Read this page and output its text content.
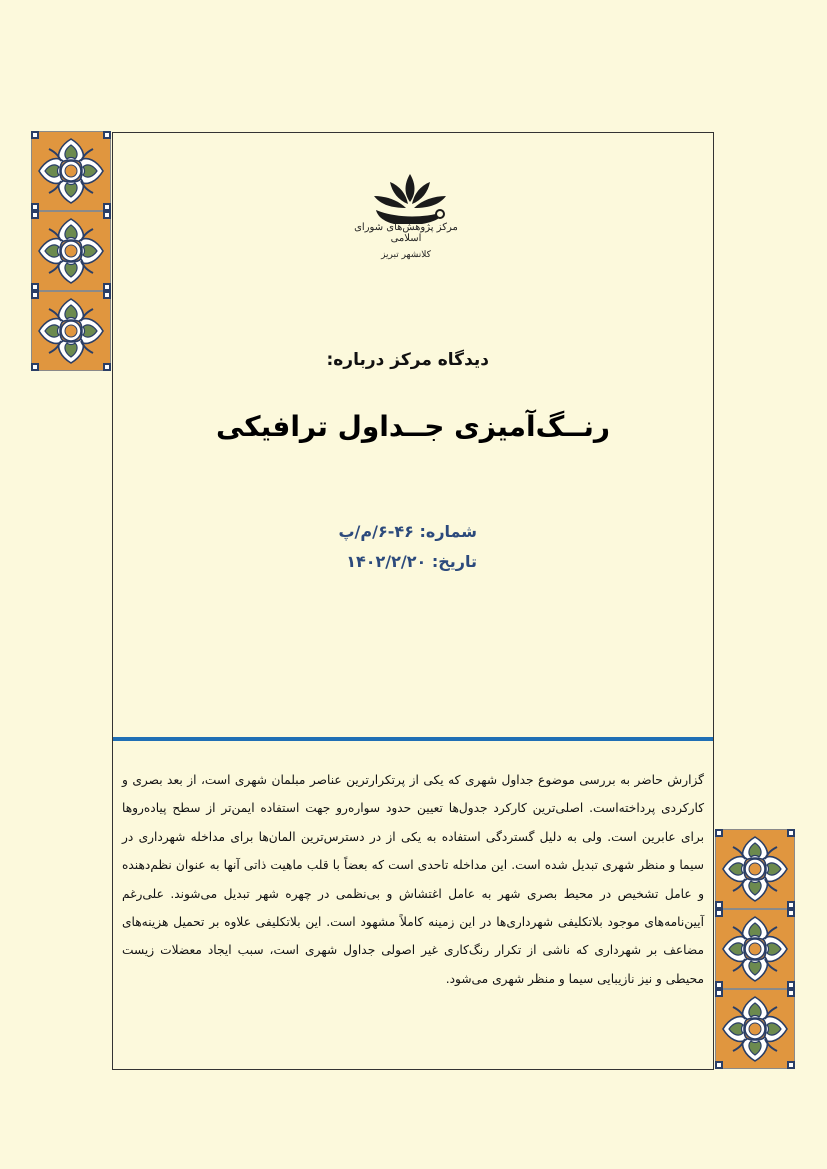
مرکز پژوهش‌های شورای اسلامی
کلانشهر تبریز
دیدگاه مرکز درباره:
رنــگ‌آمیزی جــداول ترافیکی
شماره: ۴۶-۶/م/پ
تاریخ: ۱۴۰۲/۲/۲۰
گزارش حاضر به بررسی موضوع جداول شهری که یکی از پرتکرارترین عناصر مبلمان شهری است، از بعد بصری و کارکردی پرداخته‌است. اصلی‌ترین کارکرد جدول‌ها تعیین حدود سواره‌رو جهت استفاده ایمن‌تر از سطح پیاده‌روها برای عابرین است. ولی به دلیل گستردگی استفاده به یکی از در دسترس‌ترین المان‌ها برای مداخله شهرداری در سیما و منظر شهری تبدیل شده است. این مداخله تاحدی است که بعضاً با قلب ماهیت ذاتی آنها به عنوان نظم‌دهنده و عامل تشخیص در محیط بصری شهر به عامل اغتشاش و بی‌نظمی در چهره شهر تبدیل می‌شوند. علی‌رغم آیین‌نامه‌های موجود بلاتکلیفی شهرداری‌ها در این زمینه کاملاً مشهود است. این بلاتکلیفی علاوه بر تحمیل هزینه‌های مضاعف بر شهرداری که ناشی از تکرار رنگ‌کاری غیر اصولی جداول شهری است، سبب ایجاد معضلات زیست محیطی و نیز نازیبایی سیما و منظر شهری می‌شود.
